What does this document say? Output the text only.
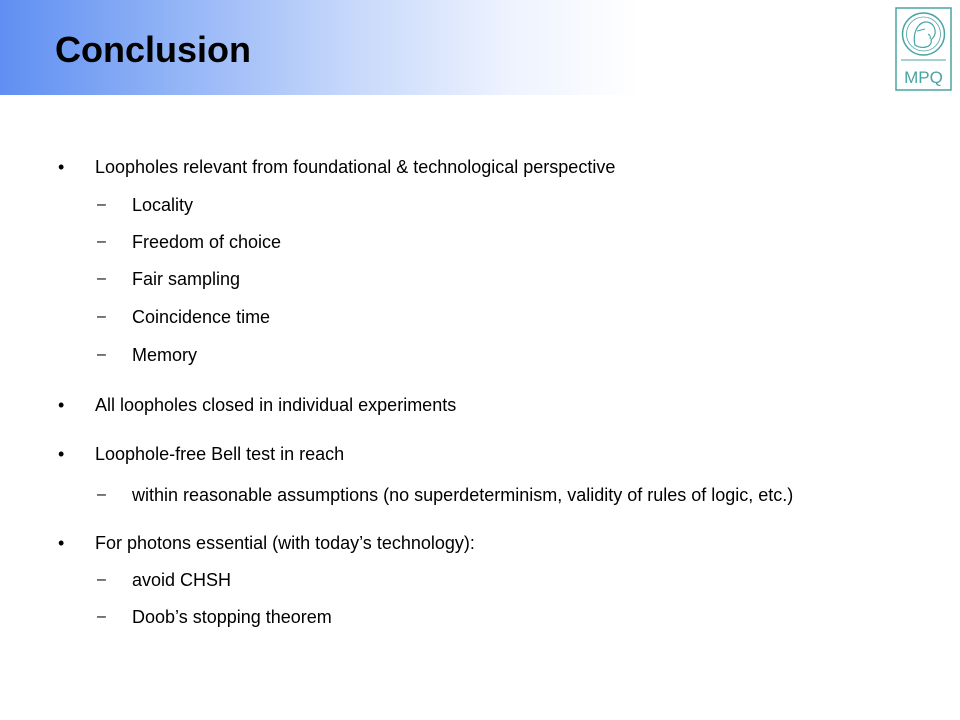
Conclusion
MPQ
• Loopholes relevant from foundational & technological perspective
– Locality
– Freedom of choice
– Fair sampling
– Coincidence time
– Memory
• All loopholes closed in individual experiments
• Loophole-free Bell test in reach
– within reasonable assumptions (no superdeterminism, validity of rules of logic, etc.)
• For photons essential (with today’s technology):
– avoid CHSH
– Doob’s stopping theorem
